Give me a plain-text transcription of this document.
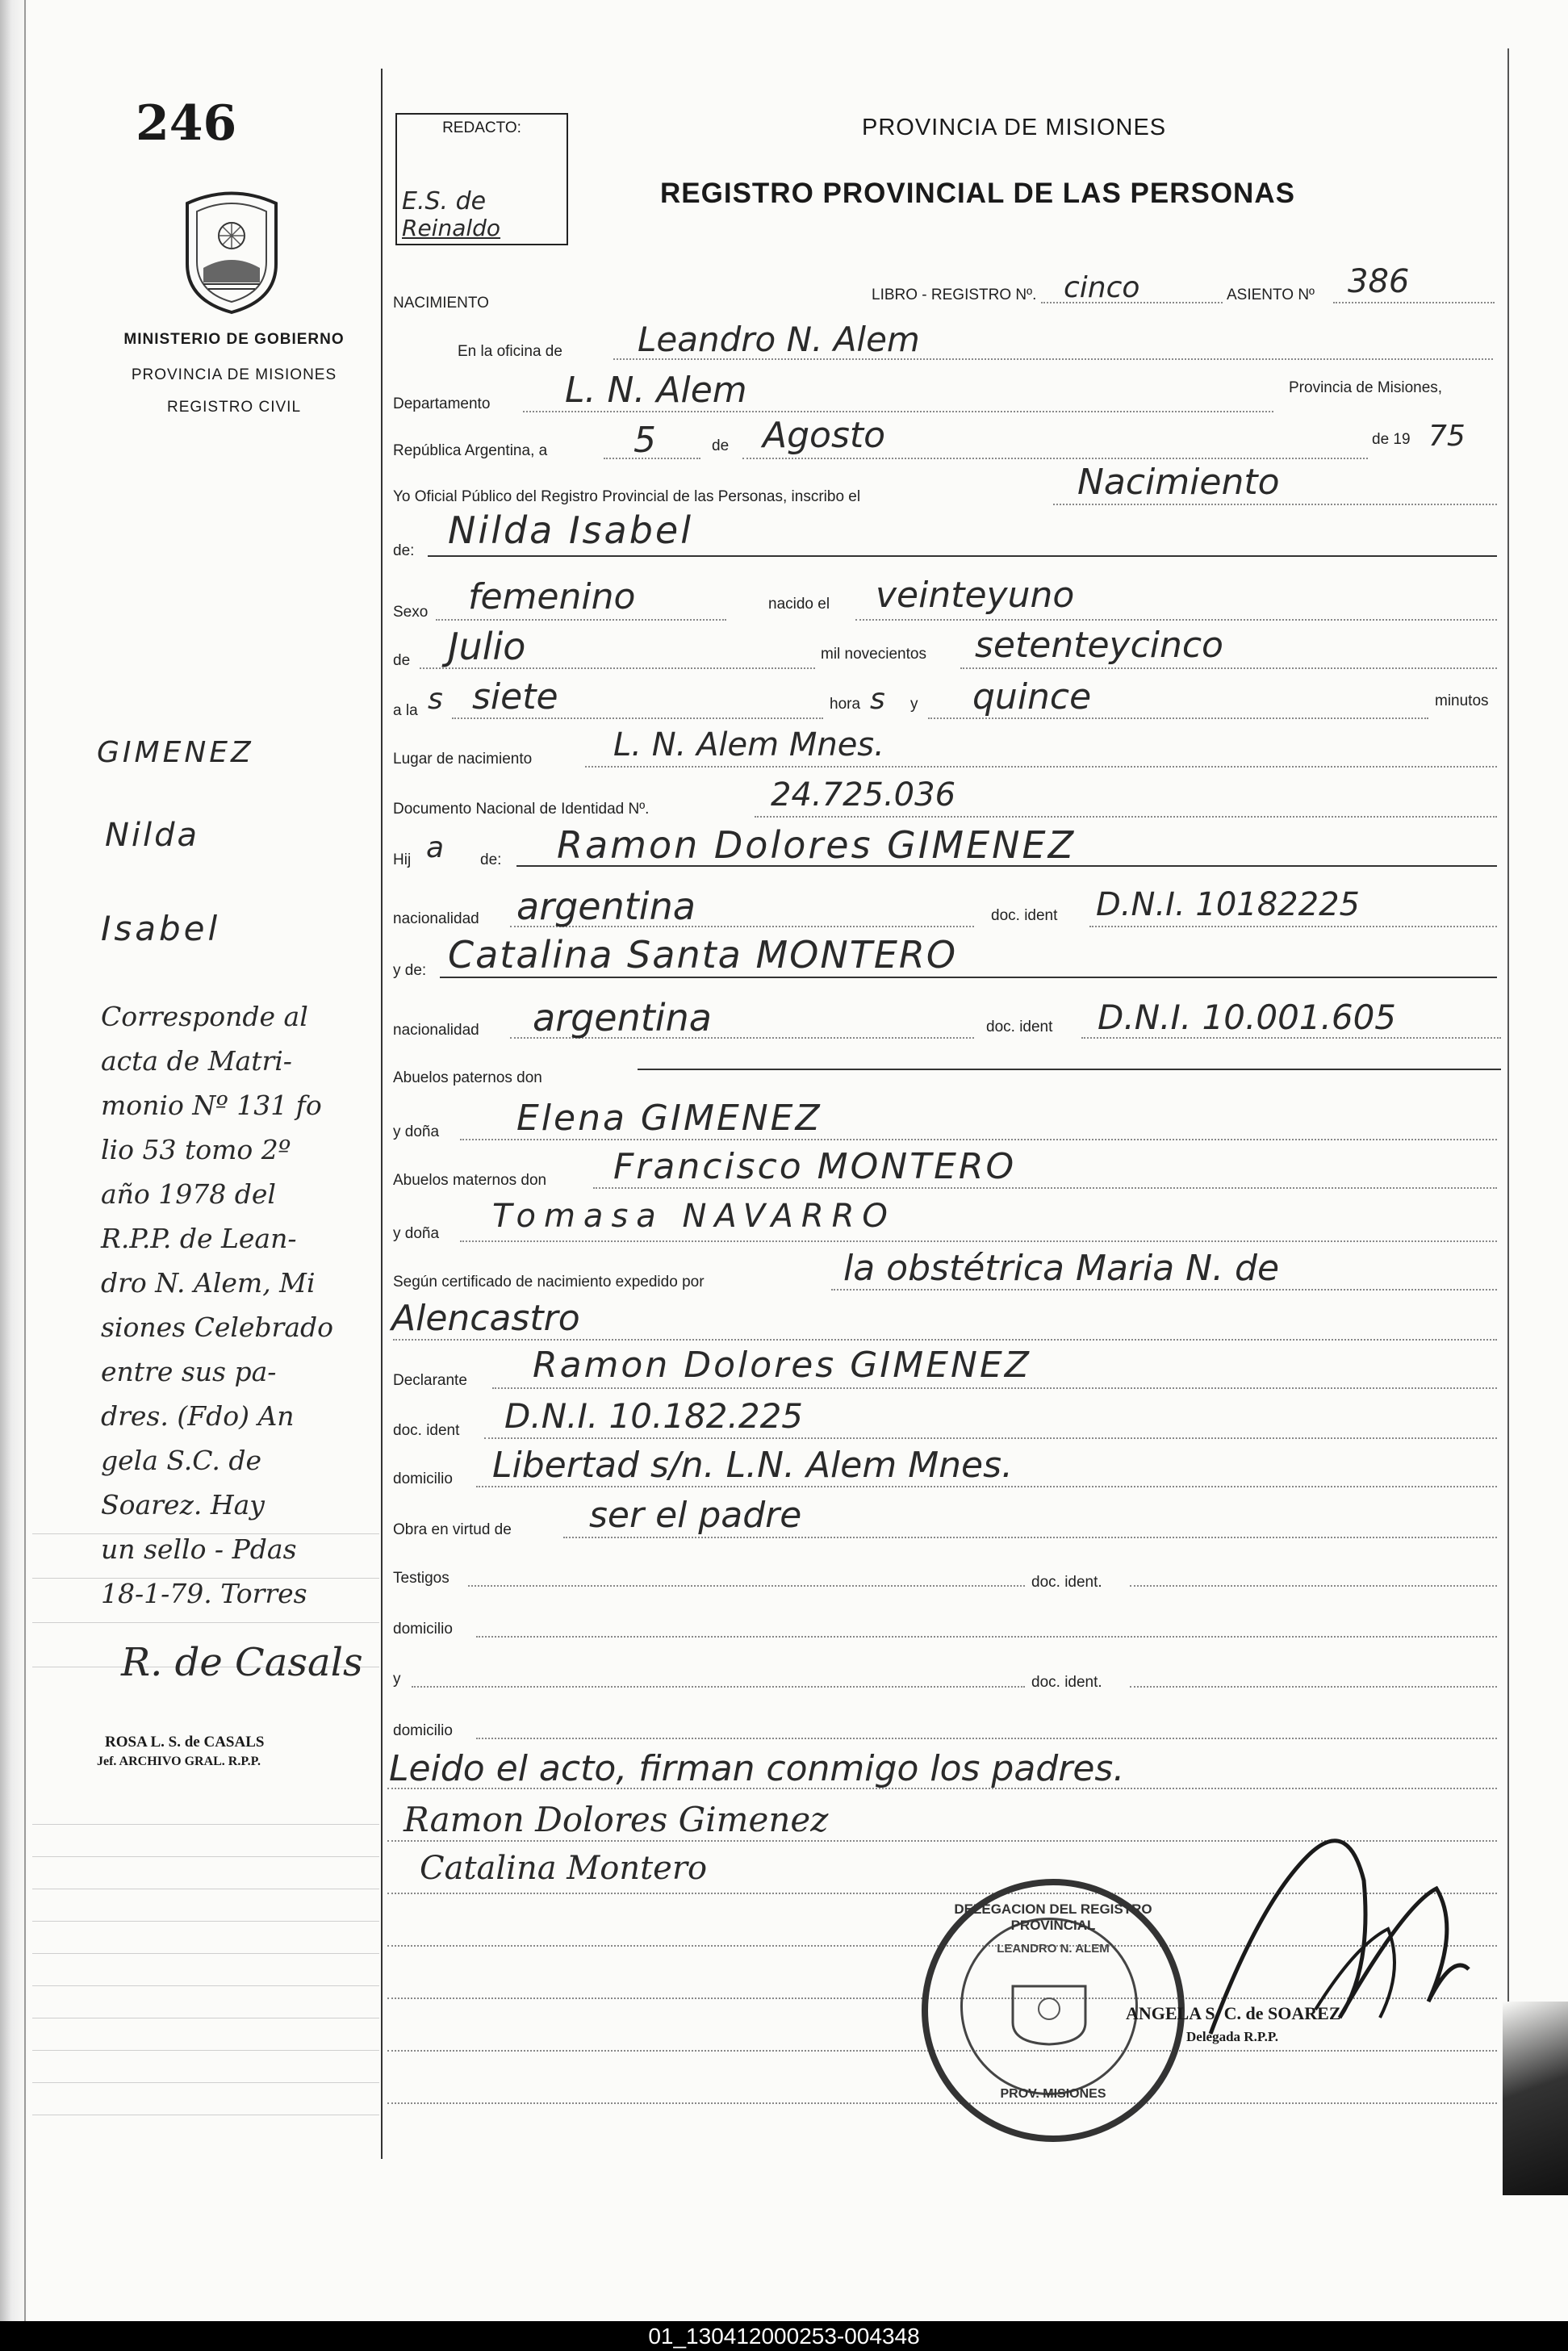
246
MINISTERIO DE GOBIERNO
PROVINCIA DE MISIONES
REGISTRO CIVIL
REDACTO:
E.S. de
Reinaldo
PROVINCIA DE MISIONES
REGISTRO PROVINCIAL DE LAS PERSONAS
NACIMIENTO	LIBRO - REGISTRO Nº. cinco	ASIENTO Nº 386
En la oficina de Leandro N. Alem
Departamento L. N. Alem	Provincia de Misiones,
República Argentina, a 5	de Agosto	de 19 75
Yo Oficial Público del Registro Provincial de las Personas, inscribo el	Nacimiento
de: Nilda Isabel
Sexo femenino	nacido el veinteyuno
de Julio	mil novecientos setenteycinco
a la s siete	hora s y quince	minutos
Lugar de nacimiento	L. N. Alem Mnes.
Documento Nacional de Identidad Nº.	24.725.036
Hij a de: Ramon Dolores GIMENEZ
nacionalidad argentina	doc. ident D.N.I. 10182225
y de: Catalina Santa MONTERO
nacionalidad argentina	doc. ident D.N.I. 10.001.605
Abuelos paternos don
y doña Elena GIMENEZ
Abuelos maternos don Francisco MONTERO
y doña Tomasa NAVARRO
Según certificado de nacimiento expedido por	la obstétrica Maria N. de
Alencastro
Declarante Ramon Dolores GIMENEZ
doc. ident D.N.I. 10.182.225
domicilio Libertad s/n. L.N. Alem Mnes.
Obra en virtud de ser el padre
Testigos	doc. ident.
domicilio
y	doc. ident.
domicilio
Leido el acto, firman conmigo los padres.
Ramon Dolores Gimenez
Catalina Montero
GIMENEZ
Nilda
Isabel
Corresponde al
acta de Matri-
monio Nº 131 fo
lio 53 tomo 2º
año 1978 del
R.P.P. de Lean-
dro N. Alem, Mi
siones Celebrado
entre sus pa-
dres. (Fdo) An
gela S.C. de
Soarez. Hay
un sello - Pdas
18-1-79. Torres
R. de Casals
ROSA L. S. de CASALS
Jef. ARCHIVO GRAL. R.P.P.
DELEGACION DEL REGISTRO PROVINCIAL
LEANDRO N. ALEM
PROV. MISIONES
ANGELA S. C. de SOAREZ
Delegada R.P.P.
01_130412000253-004348
